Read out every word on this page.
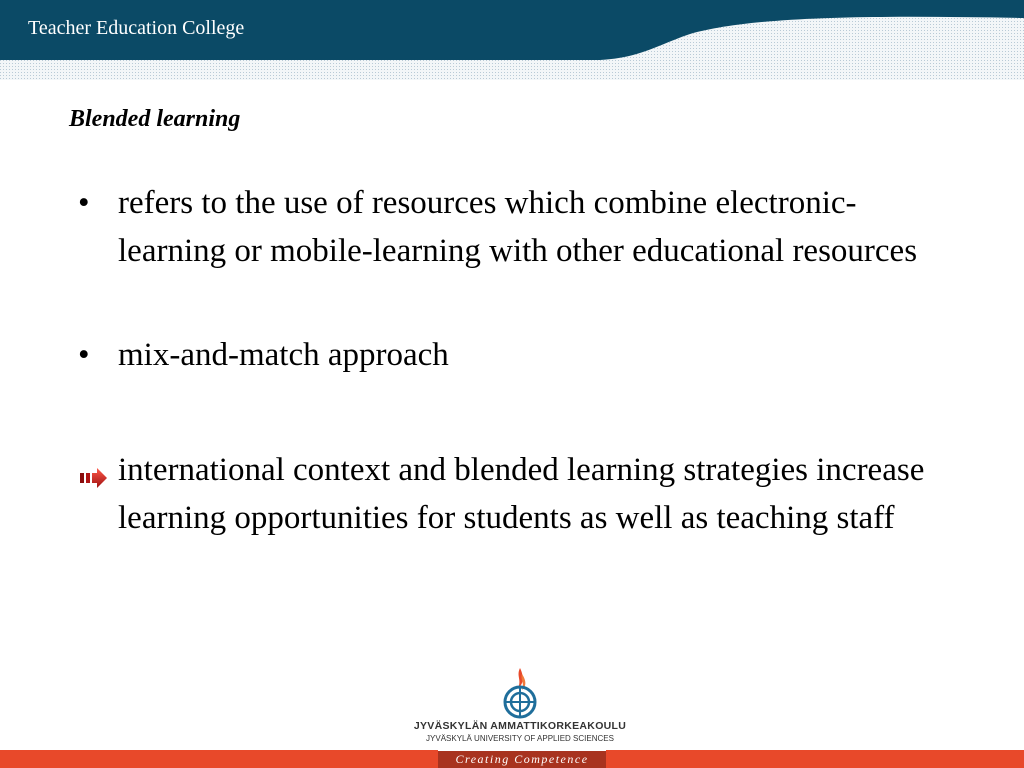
Teacher Education College
Blended learning
• refers to the use of resources which combine electronic-learning or mobile-learning with other educational resources
• mix-and-match approach
international context and blended learning strategies increase learning opportunities for students as well as teaching staff
JYVÄSKYLÄN AMMATTIKORKEAKOULU
JYVÄSKYLÄ UNIVERSITY OF APPLIED SCIENCES
Creating Competence
